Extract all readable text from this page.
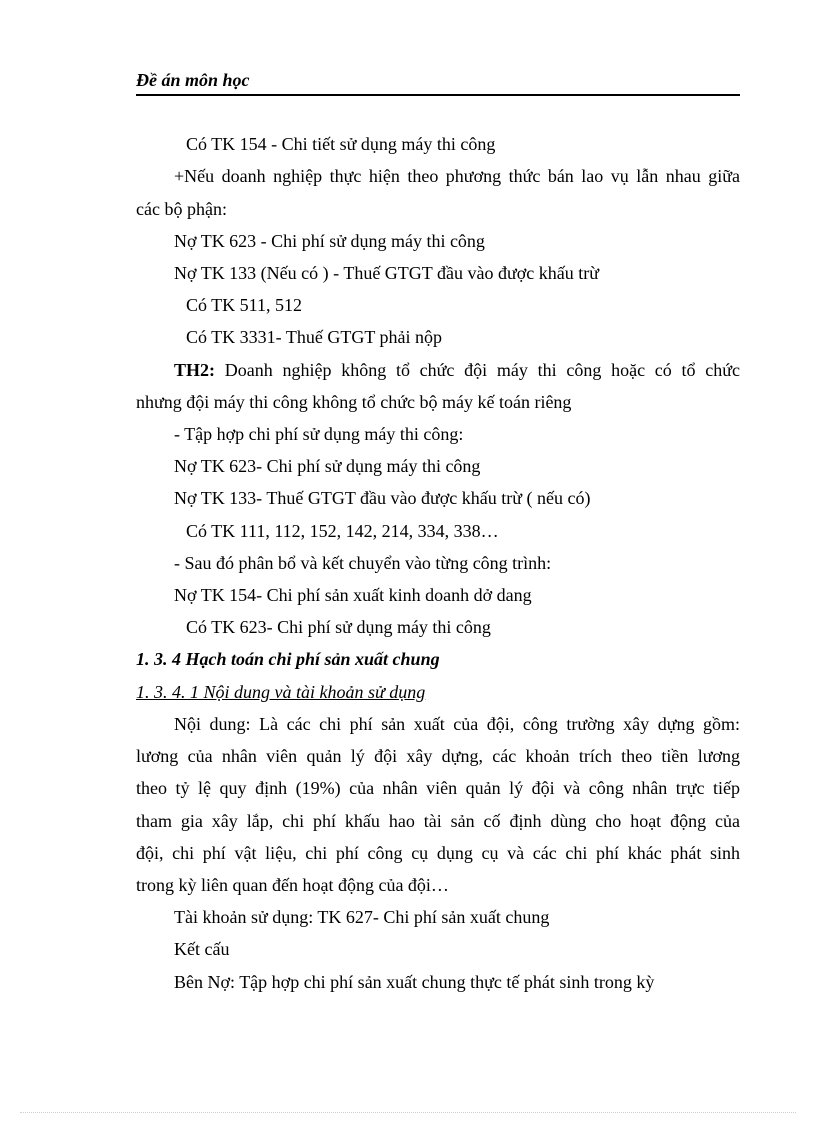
Đề án môn học
Có TK 154 - Chi tiết sử dụng máy thi công
+Nếu doanh nghiệp thực hiện theo phương thức bán lao vụ lẫn nhau giữa
các bộ phận:
Nợ TK 623 - Chi phí sử dụng máy thi công
Nợ TK 133 (Nếu có ) - Thuế GTGT đầu vào được khấu trừ
Có TK 511, 512
Có TK 3331- Thuế GTGT phải nộp
TH2: Doanh nghiệp không tổ chức đội máy thi công hoặc có tổ chức
nhưng đội máy thi công không tổ chức bộ máy kế toán riêng
- Tập hợp chi phí sử dụng máy thi công:
Nợ TK 623- Chi phí sử dụng máy thi công
Nợ TK 133- Thuế GTGT đầu vào được khấu trừ ( nếu có)
Có TK 111, 112, 152, 142, 214, 334, 338…
- Sau đó phân bổ và kết chuyển vào từng công trình:
Nợ TK 154- Chi phí sản xuất kinh doanh dở dang
Có TK 623- Chi phí sử dụng máy thi công
1. 3. 4 Hạch toán chi phí sản xuất chung
1. 3. 4. 1 Nội dung và tài khoản sử dụng
Nội dung: Là các chi phí sản xuất của đội, công trường xây dựng gồm:
lương của nhân viên quản lý đội xây dựng, các khoản trích theo tiền lương
theo tỷ lệ quy định (19%) của nhân viên quản lý đội và công nhân trực tiếp
tham gia xây lắp, chi phí khấu hao tài sản cố định dùng cho hoạt động của
đội, chi phí vật liệu, chi phí công cụ dụng cụ và các chi phí khác phát sinh
trong kỳ liên quan đến hoạt động của đội…
Tài khoản sử dụng: TK 627- Chi phí sản xuất chung
Kết cấu
Bên Nợ: Tập hợp chi phí sản xuất chung thực tế phát sinh trong kỳ
